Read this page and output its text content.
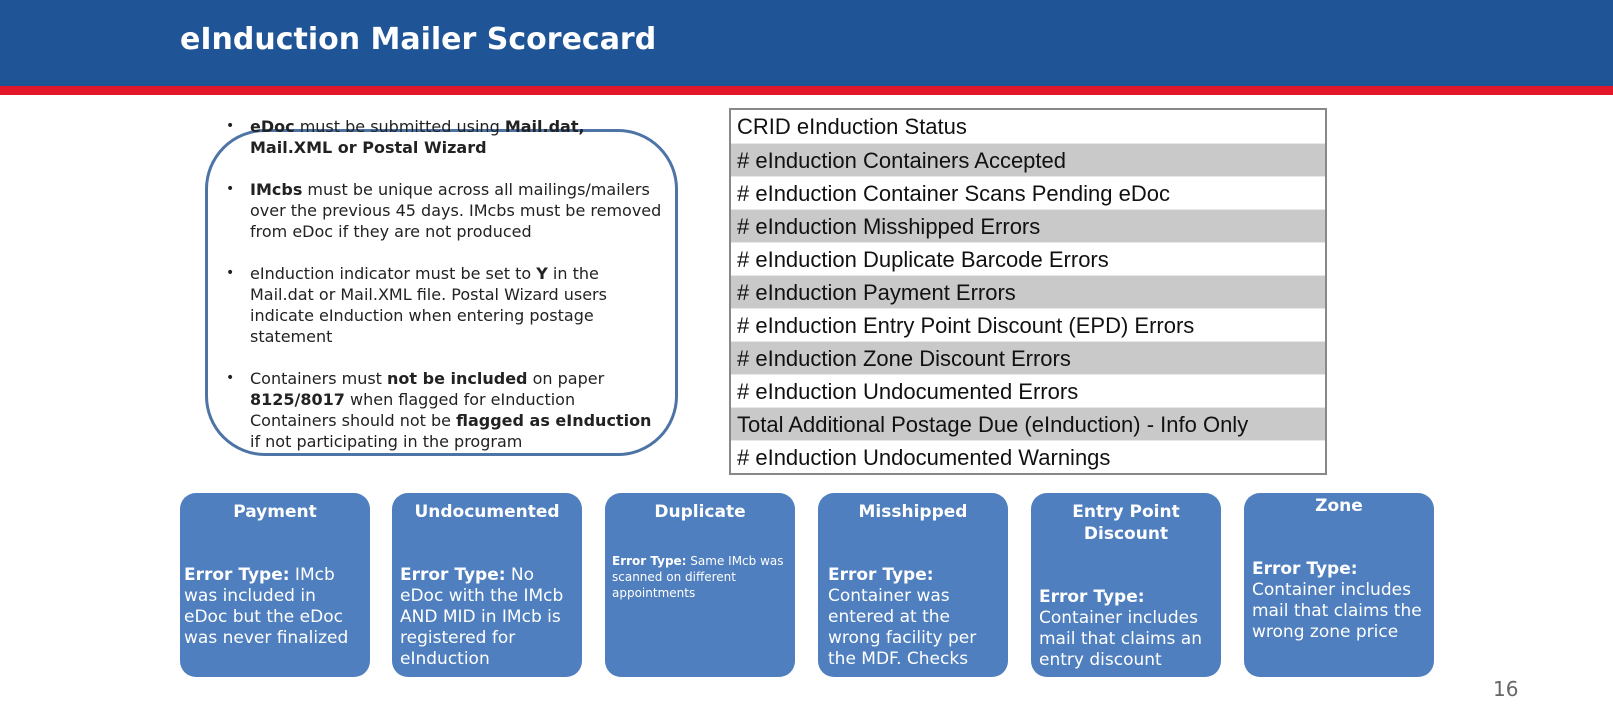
eInduction Mailer Scorecard
• eDoc must be submitted using Mail.dat, Mail.XML or Postal Wizard
• IMcbs must be unique across all mailings/mailers over the previous 45 days. IMcbs must be removed from eDoc if they are not produced
• eInduction indicator must be set to Y in the Mail.dat or Mail.XML file. Postal Wizard users indicate eInduction when entering postage statement
• Containers must not be included on paper 8125/8017 when flagged for eInduction Containers should not be flagged as eInduction if not participating in the program
CRID eInduction Status
# eInduction Containers Accepted
# eInduction Container Scans Pending eDoc
# eInduction Misshipped Errors
# eInduction Duplicate Barcode Errors
# eInduction Payment Errors
# eInduction Entry Point Discount (EPD) Errors
# eInduction Zone Discount Errors
# eInduction Undocumented Errors
Total Additional Postage Due (eInduction) - Info Only
# eInduction Undocumented Warnings
Payment
Error Type: IMcb was included in eDoc but the eDoc was never finalized
Undocumented
Error Type: No eDoc with the IMcb AND MID in IMcb is registered for eInduction
Duplicate
Error Type: Same IMcb was scanned on different appointments
Misshipped
Error Type: Container was entered at the wrong facility per the MDF. Checks
Entry Point Discount
Error Type: Container includes mail that claims an entry discount
Zone
Error Type: Container includes mail that claims the wrong zone price
16
